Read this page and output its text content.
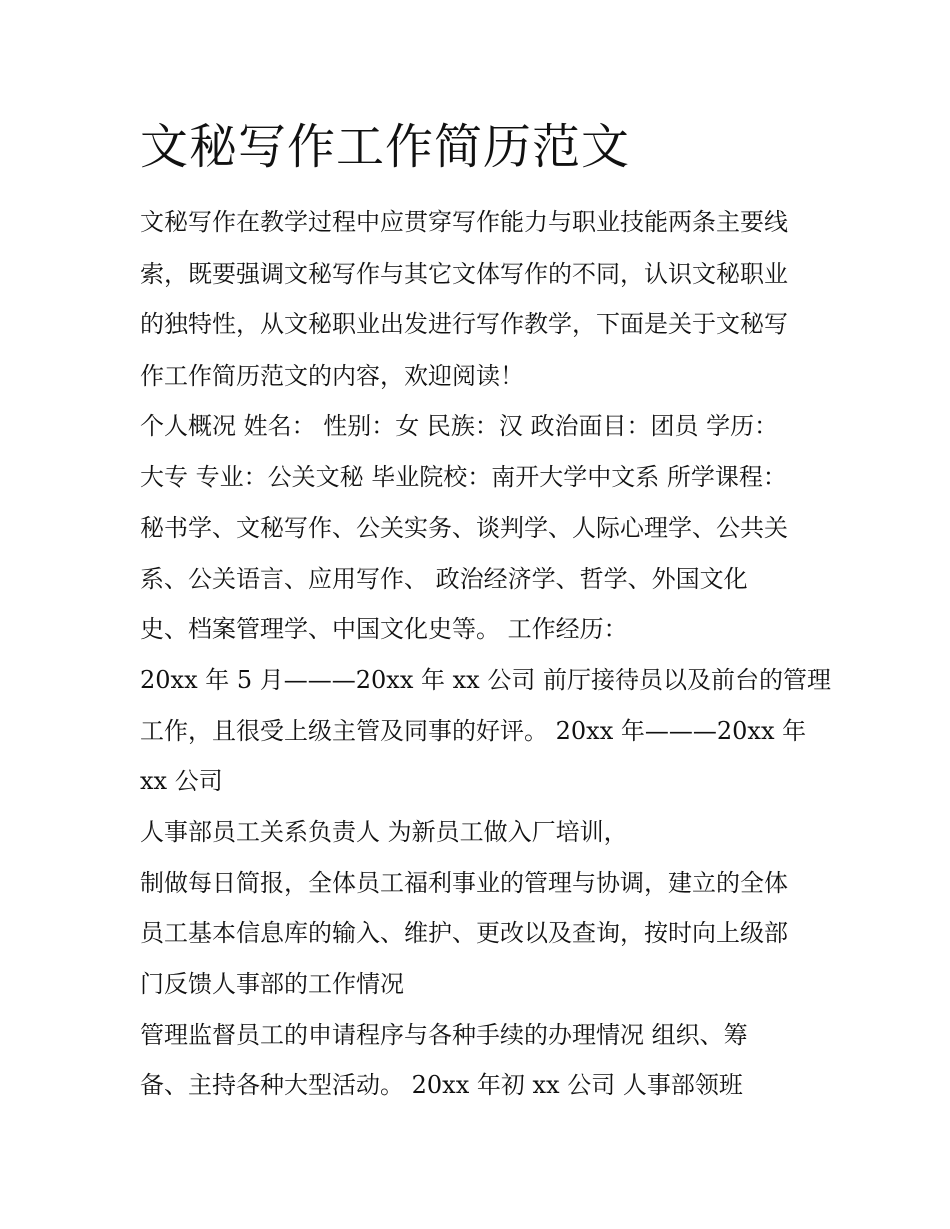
文秘写作工作简历范文

文秘写作在教学过程中应贯穿写作能力与职业技能两条主要线

索，既要强调文秘写作与其它文体写作的不同，认识文秘职业

的独特性，从文秘职业出发进行写作教学，下面是关于文秘写

作工作简历范文的内容，欢迎阅读！

个人概况 姓名： 性别：女 民族：汉 政治面目：团员 学历：

大专 专业：公关文秘 毕业院校：南开大学中文系 所学课程：

秘书学、文秘写作、公关实务、谈判学、人际心理学、公共关

系、公关语言、应用写作、 政治经济学、哲学、外国文化

史、档案管理学、中国文化史等。 工作经历：

20xx 年 5 月———20xx 年 xx 公司 前厅接待员以及前台的管理

工作，且很受上级主管及同事的好评。 20xx 年———20xx 年

xx 公司

人事部员工关系负责人 为新员工做入厂培训，

制做每日简报，全体员工福利事业的管理与协调，建立的全体

员工基本信息库的输入、维护、更改以及查询，按时向上级部

门反馈人事部的工作情况

管理监督员工的申请程序与各种手续的办理情况 组织、筹

备、主持各种大型活动。 20xx 年初 xx 公司 人事部领班
